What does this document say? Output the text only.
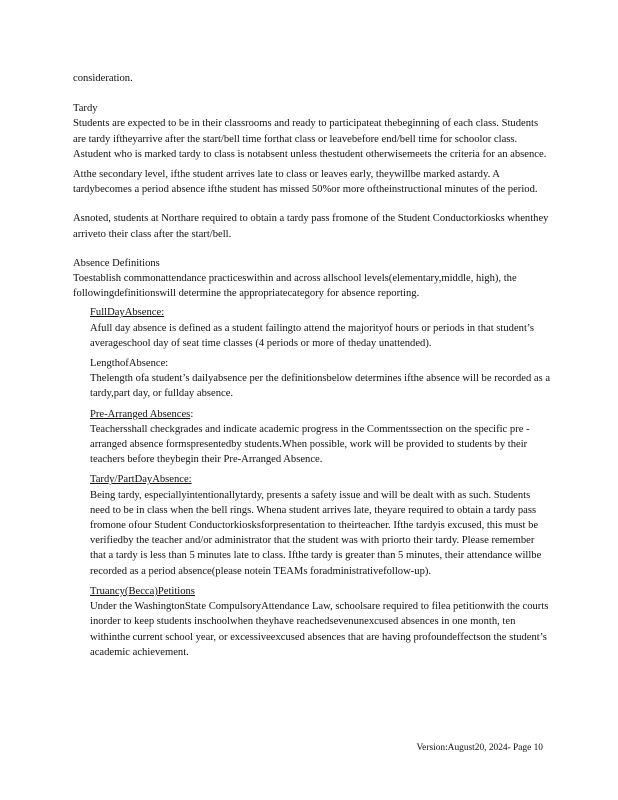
consideration.

Tardy

Students are expected to be in their classrooms and ready to participateat thebeginning of each class. Students are tardy iftheyarrive after the start/bell time forthat class or leavebefore end/bell time for schoolor class. Astudent who is marked tardy to class is notabsent unless thestudent otherwisemeets the criteria for an absence.

Atthe secondary level, ifthe student arrives late to class or leaves early, theywillbe marked astardy. A tardybecomes a period absence ifthe student has missed 50%or more oftheinstructional minutes of the period.

Asnoted, students at Northare required to obtain a tardy pass fromone of the Student Conductorkiosks whenthey arriveto their class after the start/bell.

Absence Definitions

Toestablish commonattendance practiceswithin and across allschool levels(elementary,middle, high), the followingdefinitionswill determine the appropriatecategory for absence reporting.

FullDayAbsence:

Afull day absence is defined as a student failingto attend the majorityof hours or periods in that student’s averageschool day of seat time classes (4 periods or more of theday unattended).

LengthofAbsence:

Thelength ofa student’s dailyabsence per the definitionsbelow determines ifthe absence will be recorded as a tardy,part day, or fullday absence.

Pre-Arranged Absences:

Teachersshall checkgrades and indicate academic progress in the Commentssection on the specific pre -arranged absence formspresentedby students.When possible, work will be provided to students by their teachers before theybegin their Pre-Arranged Absence.

Tardy/PartDayAbsence:

Being tardy, especiallyintentionallytardy, presents a safety issue and will be dealt with as such. Students need to be in class when the bell rings. Whena student arrives late, theyare required to obtain a tardy pass fromone ofour Student Conductorkiosksforpresentation to theirteacher. Ifthe tardyis excused, this must be verifiedby the teacher and/or administrator that the student was with priorto their tardy. Please remember that a tardy is less than 5 minutes late to class. Ifthe tardy is greater than 5 minutes, their attendance willbe recorded as a period absence(please notein TEAMs foradministrativefollow-up).

Truancy(Becca)Petitions

Under the WashingtonState CompulsoryAttendance Law, schoolsare required to filea petitionwith the courts inorder to keep students inschoolwhen theyhave reachedsevenunexcused absences in one month, ten withinthe current school year, or excessiveexcused absences that are having profoundeffectson the student’s academic achievement.

Version:August20, 2024- Page 10
